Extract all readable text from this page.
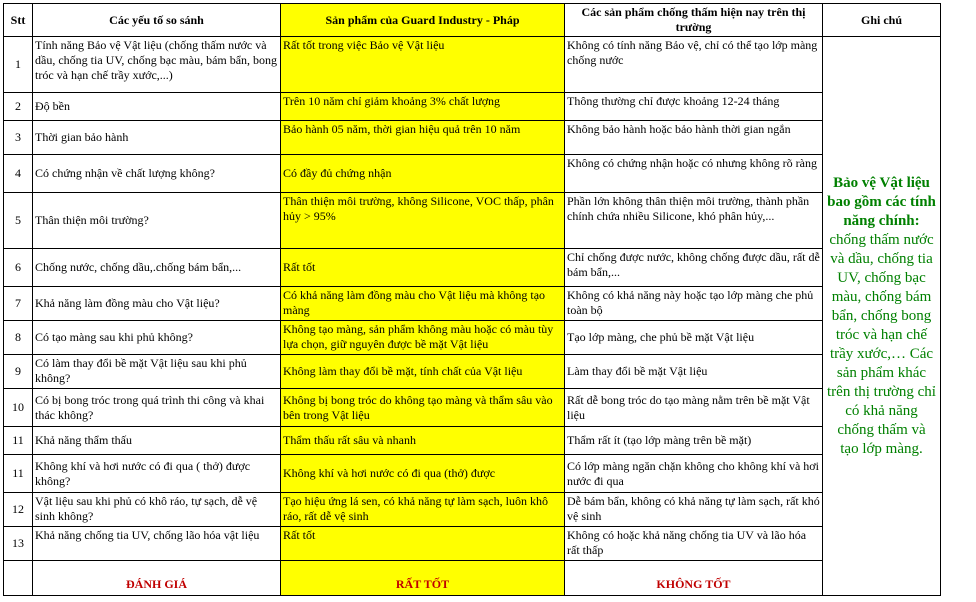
Stt	Các yếu tố so sánh	Sản phẩm của Guard Industry - Pháp	Các sản phẩm chống thấm hiện nay trên thị trường	Ghi chú
1	Tính năng Bảo vệ Vật liệu (chống thấm nước và dầu, chống tia UV, chống bạc màu, bám bẩn, bong tróc và hạn chế trầy xước,...)	Rất tốt trong việc Bảo vệ Vật liệu	Không có tính năng Bảo vệ, chỉ có thể tạo lớp màng chống nước	Bảo vệ Vật liệu bao gồm các tính năng chính: chống thấm nước và dầu, chống tia UV, chống bạc màu, chống bám bẩn, chống bong tróc và hạn chế trầy xước,… Các sản phẩm khác trên thị trường chỉ có khả năng chống thấm và tạo lớp màng.
2	Độ bền	Trên 10 năm chỉ giảm khoảng 3% chất lượng	Thông thường chỉ được khoảng 12-24 tháng	
3	Thời gian bảo hành	Bảo hành 05 năm, thời gian hiệu quả trên 10 năm	Không bảo hành hoặc bảo hành thời gian ngắn	
4	Có chứng nhận về chất lượng không?	Có đầy đủ chứng nhận	Không có chứng nhận hoặc có nhưng không rõ ràng	
5	Thân thiện môi trường?	Thân thiện môi trường, không Silicone, VOC thấp, phân hủy > 95%	Phần lớn không thân thiện môi trường, thành phần chính chứa nhiều Silicone, khó phân hủy,...	
6	Chống nước, chống dầu,.chống bám bẩn,...	Rất tốt	Chỉ chống được nước, không chống được dầu, rất dễ bám bẩn,...	
7	Khả năng làm đồng màu cho Vật liệu?	Có khả năng làm đồng màu cho Vật liệu mà không tạo màng	Không có khả năng này hoặc tạo lớp màng che phủ toàn bộ	
8	Có tạo màng sau khi phủ không?	Không tạo màng, sản phẩm không màu hoặc có màu tùy lựa chọn, giữ nguyên được bề mặt Vật liệu	Tạo lớp màng, che phủ bề mặt Vật liệu	
9	Có làm thay đổi bề mặt Vật liệu sau khi phủ không?	Không làm thay đổi bề mặt, tính chất của Vật liệu	Làm thay đổi bề mặt Vật liệu	
10	Có bị bong tróc trong quá trình thi công và khai thác không?	Không bị bong tróc do không tạo màng và thẩm sâu vào bên trong Vật liệu	Rất dễ bong tróc do tạo màng nằm trên bề mặt Vật liệu	
11	Khả năng thẩm thấu	Thẩm thấu rất sâu và nhanh	Thẩm rất ít (tạo lớp màng trên bề mặt)	
11	Không khí và hơi nước có đi qua ( thở) được không?	Không khí và hơi nước có đi qua (thở) được	Có lớp màng ngăn chặn không cho không khí và hơi nước đi qua	
12	Vật liệu sau khi phủ có khô ráo, tự sạch, dễ vệ sinh không?	Tạo hiệu ứng lá sen, có khả năng tự làm sạch, luôn khô ráo, rất dễ vệ sinh	Dễ bám bẩn, không có khả năng tự làm sạch, rất khó vệ sinh	
13	Khả năng chống tia UV, chống lão hóa vật liệu	Rất tốt	Không có hoặc khả năng chống tia UV và lão hóa rất thấp	
	ĐÁNH GIÁ	RẤT TỐT	KHÔNG TỐT	
